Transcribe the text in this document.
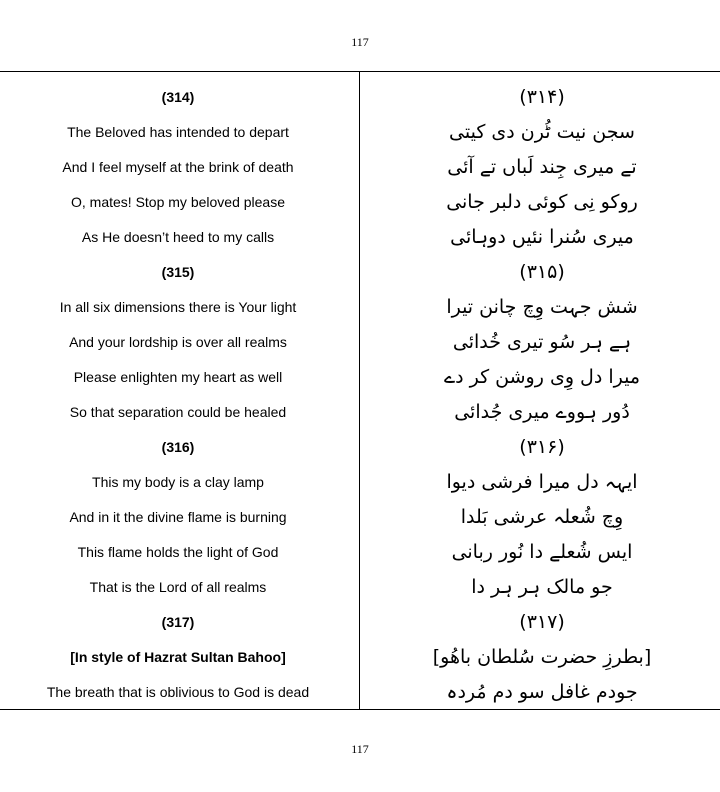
117
(314)
The Beloved has intended to depart
And I feel myself at the brink of death
O, mates! Stop my beloved please
As He doesn’t heed to my calls
(315)
In all six dimensions there is Your light
And your lordship is over all realms
Please enlighten my heart as well
So that separation could be healed
(316)
This my body is a clay lamp
And in it the divine flame is burning
This flame holds the light of God
That is the Lord of all realms
(317)
[In style of Hazrat Sultan Bahoo]
The breath that is oblivious to God is dead
(۳۱۴)
سجن نیت ٹُرن دی کیتی
تے میری جِند لَباں تے آئی
روکو نِی کوئی دلبر جانی
میری سُنرا نئیں دوہائی
(۳۱۵)
شش جہت وِچ چانن تیرا
ہے ہر سُو تیری خُدائی
میرا دل وِی روشن کر دے
دُور ہووے میری جُدائی
(۳۱۶)
ایہہ دل میرا فرشی دیوا
وِچ شُعلہ عرشی بَلدا
ایس شُعلے دا نُور ربانی
جو مالک ہر ہر دا
(۳۱۷)
[بطرزِ حضرت سُلطان باھُو]
جودم غافل سو دم مُردہ
117
